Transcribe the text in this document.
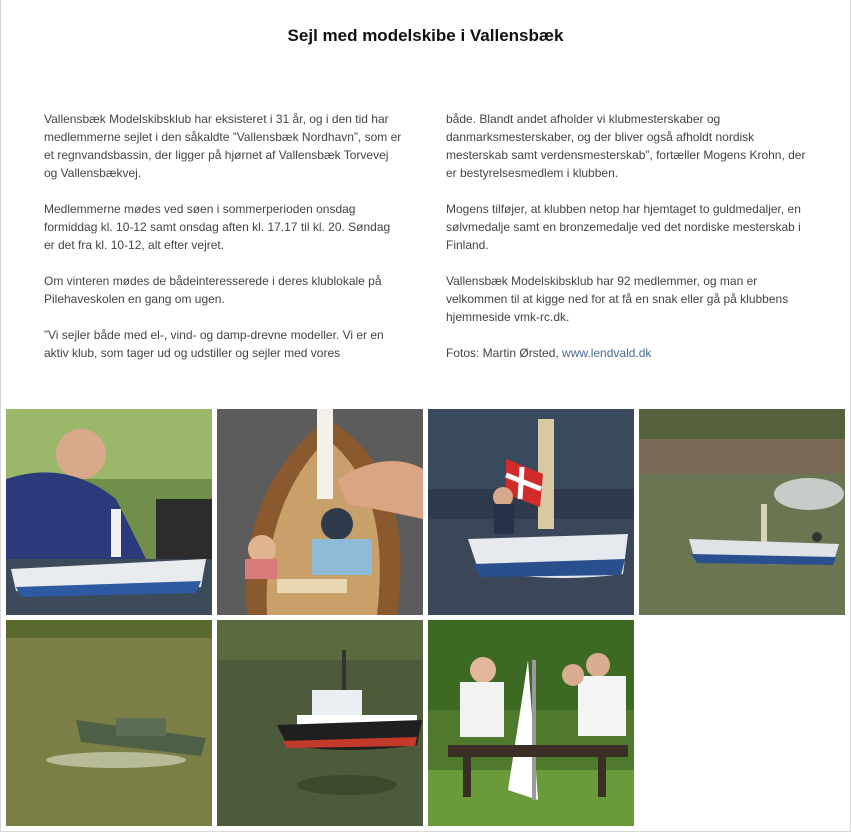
Sejl med modelskibe i Vallensbæk

Vallensbæk Modelskibsklub har eksisteret i 31 år, og i den tid har medlemmerne sejlet i den såkaldte ”Vallensbæk Nordhavn”, som er et regnvandsbassin, der ligger på hjørnet af Vallensbæk Torvevej og Vallensbækvej.

Medlemmerne mødes ved søen i sommerperioden onsdag formiddag kl. 10-12 samt onsdag aften kl. 17.17 til kl. 20. Søndag er det fra kl. 10-12, alt efter vejret.

Om vinteren mødes de bådeinteresserede i deres klublokale på Pilehaveskolen en gang om ugen.

”Vi sejler både med el-, vind- og damp-drevne modeller. Vi er en aktiv klub, som tager ud og udstiller og sejler med vores

både. Blandt andet afholder vi klubmesterskaber og danmarksmesterskaber, og der bliver også afholdt nordisk mesterskab samt verdensmesterskab”, fortæller Mogens Krohn, der er bestyrelsesmedlem i klubben.

Mogens tilføjer, at klubben netop har hjemtaget to guldmedaljer, en sølvmedalje samt en bronzemedalje ved det nordiske mesterskab i Finland.

Vallensbæk Modelskibsklub har 92 medlemmer, og man er velkommen til at kigge ned for at få en snak eller gå på klubbens hjemmeside vmk-rc.dk.

Fotos: Martin Ørsted, www.lendvald.dk
